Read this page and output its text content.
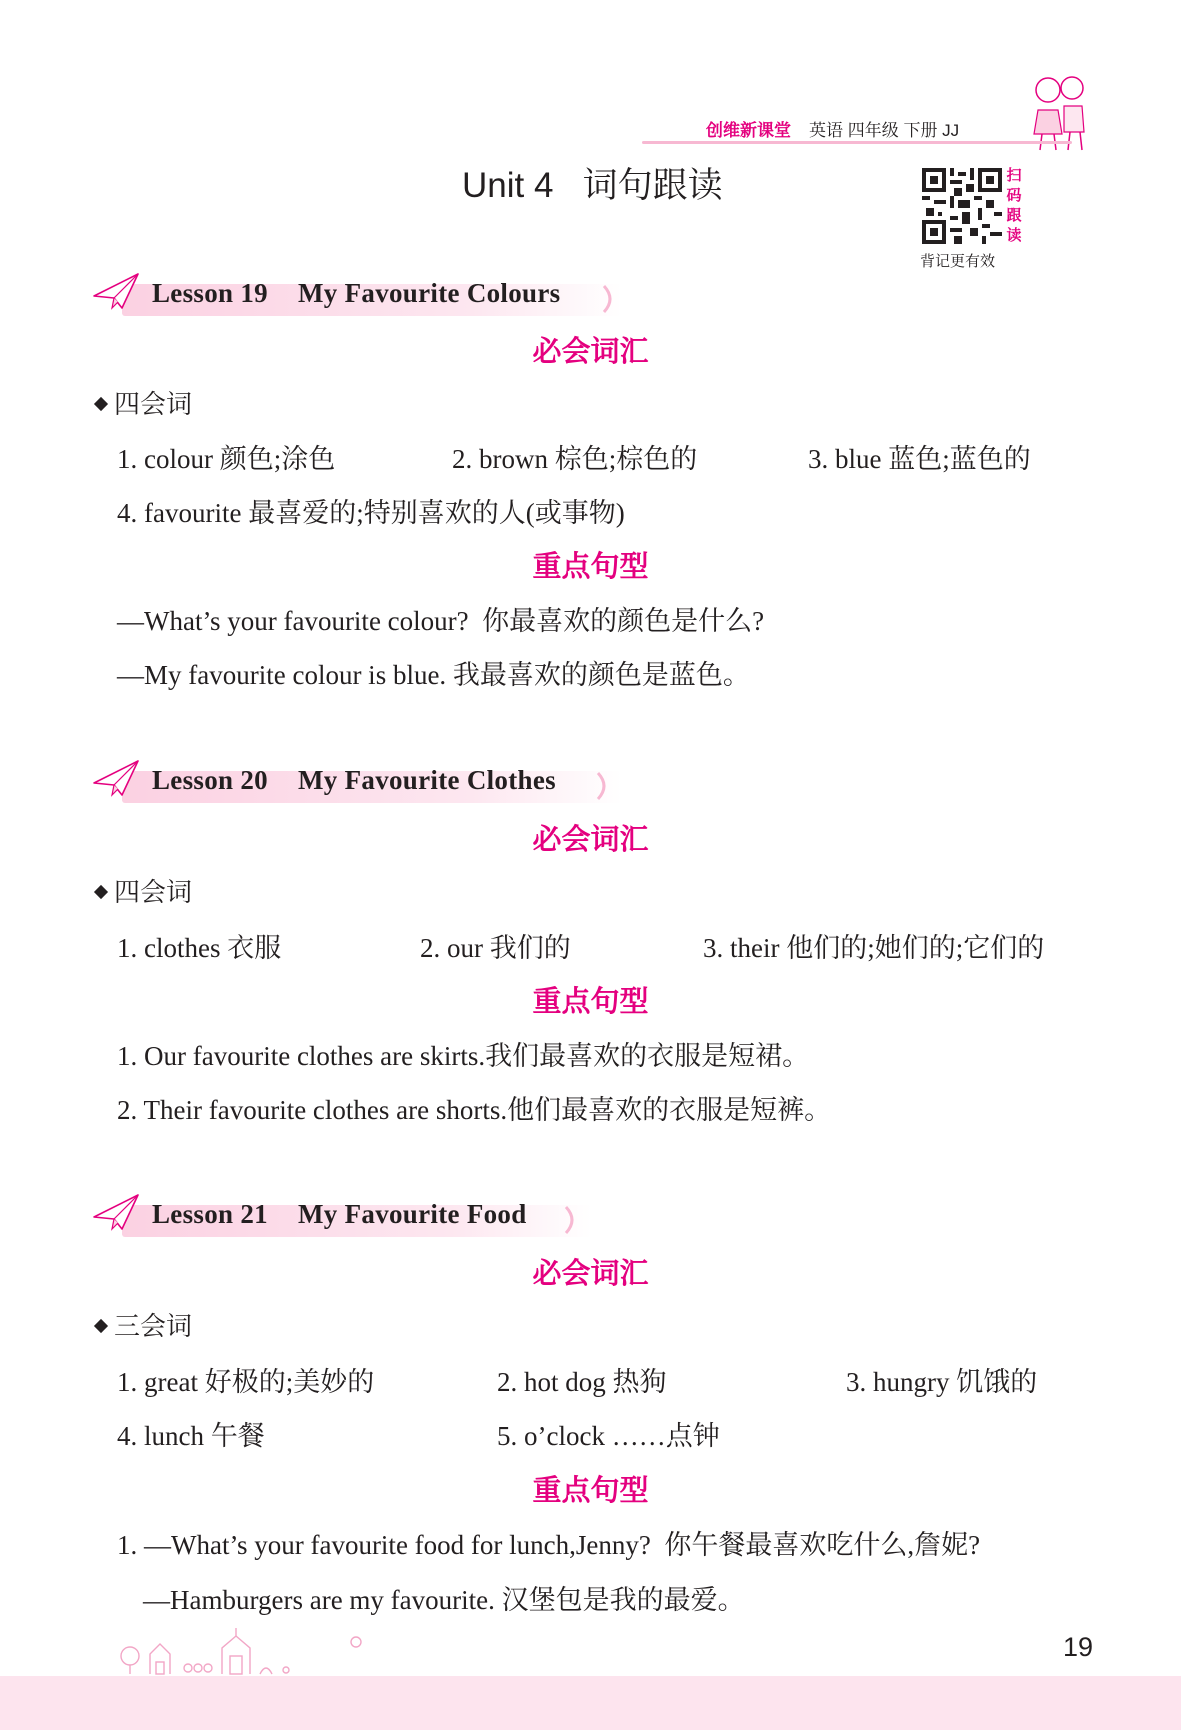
创维新课堂 英语 四年级 下册 JJ
Unit 4   词句跟读	扫码跟读
背记更有效
Lesson 19 My Favourite Colours
必会词汇
四会词
1. colour 颜色;涂色	2. brown 棕色;棕色的	3. blue 蓝色;蓝色的
4. favourite 最喜爱的;特别喜欢的人(或事物)
重点句型
—What’s your favourite colour?  你最喜欢的颜色是什么?
—My favourite colour is blue. 我最喜欢的颜色是蓝色。
Lesson 20 My Favourite Clothes
必会词汇
四会词
1. clothes 衣服	2. our 我们的	3. their 他们的;她们的;它们的
重点句型
1. Our favourite clothes are skirts.我们最喜欢的衣服是短裙。
2. Their favourite clothes are shorts.他们最喜欢的衣服是短裤。
Lesson 21 My Favourite Food
必会词汇
三会词
1. great 好极的;美妙的	2. hot dog 热狗	3. hungry 饥饿的
4. lunch 午餐	5. o’clock ……点钟
重点句型
1. —What’s your favourite food for lunch,Jenny?  你午餐最喜欢吃什么,詹妮?
—Hamburgers are my favourite. 汉堡包是我的最爱。
19
